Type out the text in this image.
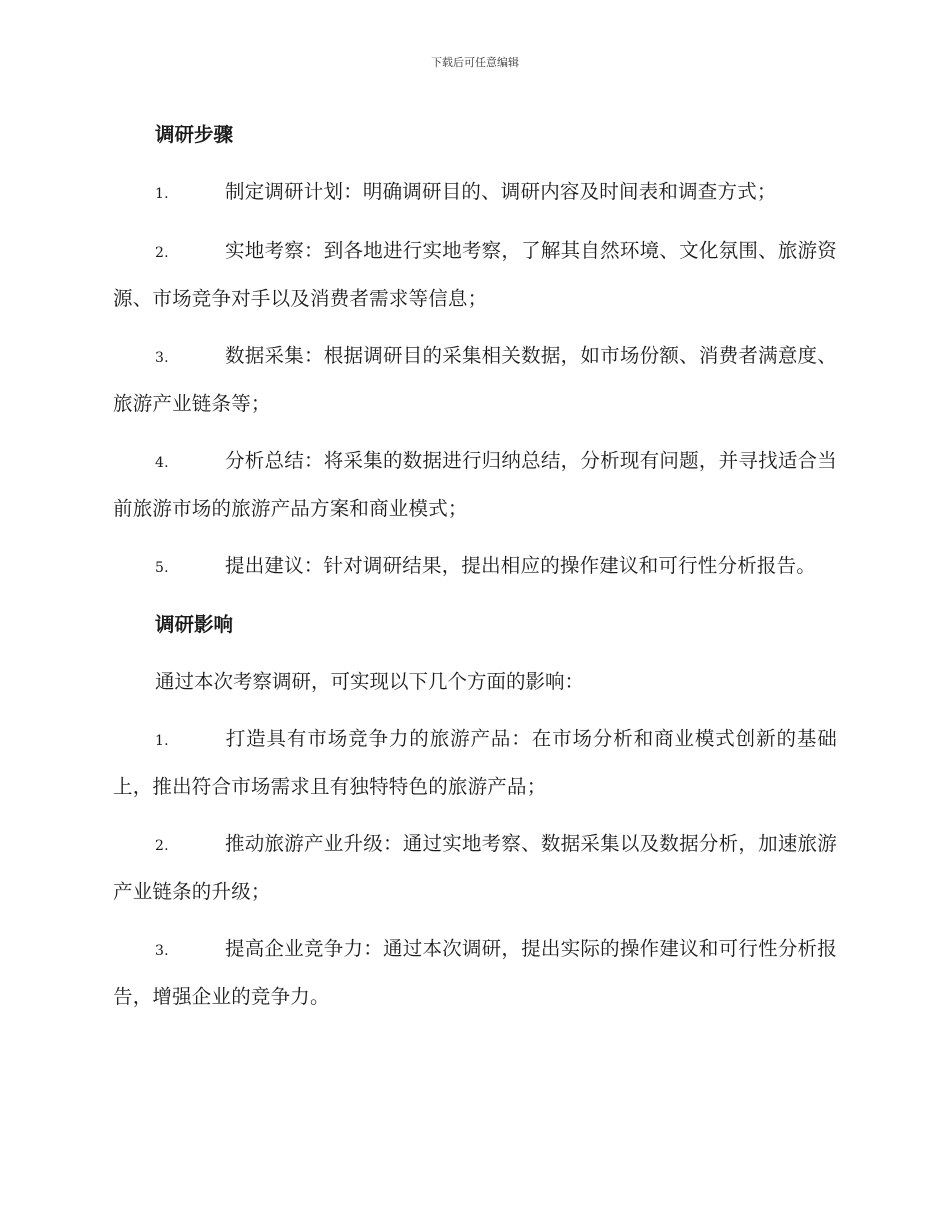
下载后可任意编辑
调研步骤
1.	制定调研计划：明确调研目的、调研内容及时间表和调查方式；
2.	实地考察：到各地进行实地考察，了解其自然环境、文化氛围、旅游资源、市场竞争对手以及消费者需求等信息；
3.	数据采集：根据调研目的采集相关数据，如市场份额、消费者满意度、旅游产业链条等；
4.	分析总结：将采集的数据进行归纳总结，分析现有问题，并寻找适合当前旅游市场的旅游产品方案和商业模式；
5.	提出建议：针对调研结果，提出相应的操作建议和可行性分析报告。
调研影响
通过本次考察调研，可实现以下几个方面的影响：
1.	打造具有市场竞争力的旅游产品：在市场分析和商业模式创新的基础上，推出符合市场需求且有独特特色的旅游产品；
2.	推动旅游产业升级：通过实地考察、数据采集以及数据分析，加速旅游产业链条的升级；
3.	提高企业竞争力：通过本次调研，提出实际的操作建议和可行性分析报告，增强企业的竞争力。
